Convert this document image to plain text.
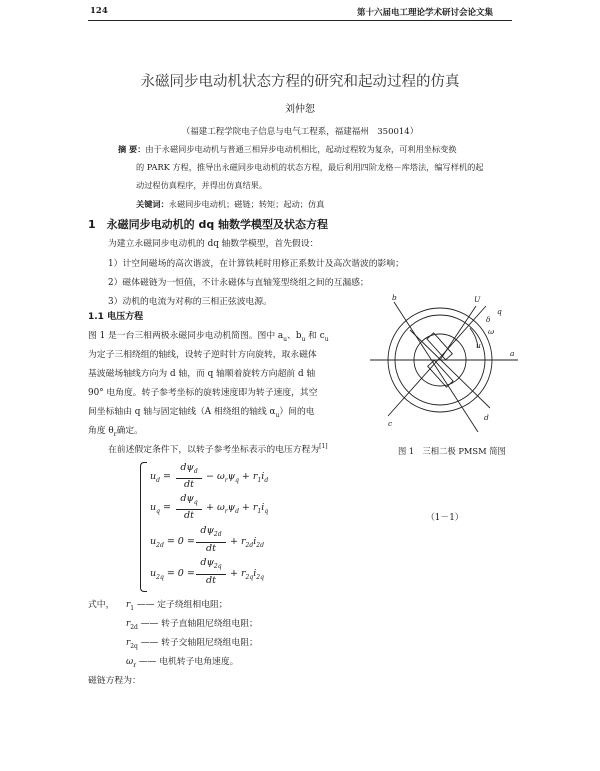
124	第十六届电工理论学术研讨会论文集
永磁同步电动机状态方程的研究和起动过程的仿真
刘仲恕
（福建工程学院电子信息与电气工程系，福建福州　350014）
摘 要：由于永磁同步电动机与普通三相异步电动机相比，起动过程较为复杂，可利用坐标变换
的 PARK 方程，推导出永磁同步电动机的状态方程，最后利用四阶龙格－库塔法，编写样机的起
动过程仿真程序，并得出仿真结果。
关键词：永磁同步电动机；磁链；转矩；起动；仿真
1　永磁同步电动机的 dq 轴数学模型及状态方程
为建立永磁同步电动机的 dq 轴数学模型，首先假设：
1）计空间磁场的高次谐波，在计算铁耗时用修正系数计及高次谐波的影响；
2）磁体磁链为一恒值，不计永磁体与直轴笼型绕组之间的互漏感；
3）动机的电流为对称的三相正弦波电源。
1.1 电压方程
图 1 是一台三相两极永磁同步电动机简图。图中 $a_u$、$b_u$ 和 $c_u$
为定子三相绕组的轴线，设转子逆时针方向旋转，取永磁体
基波磁场轴线方向为 d 轴，而 q 轴顺着旋转方向超前 d 轴
90° 电角度。转子参考坐标的旋转速度即为转子速度，其空
间坐标轴由 q 轴与固定轴线（A 相绕组的轴线 $\alpha_u$）间的电
角度 $\theta_r$确定。
在前述假定条件下，以转子参考坐标表示的电压方程为[1]
b
q
U
δ
ω
u
a
c
d
图 1　三相二极 PMSM 简图
$u_d$ =
$d\psi_d$
dt
− $\omega_r\psi_q + r_1i_d$
$u_q$ =
$d\psi_q$
dt
+ $\omega_r\psi_d + r_1i_q$
（1－1）
$u_{2d} = 0$ =
$d\psi_{2d}$
dt
+ $r_{2d}i_{2d}$
$u_{2q} = 0$ =
$d\psi_{2q}$
dt
+ $r_{2q}i_{2q}$
式中， $r_1$ —— 定子绕组相电阻；
$r_{2d}$ —— 转子直轴阻尼绕组电阻；
$r_{2q}$ —— 转子交轴阻尼绕组电阻；
$\omega_r$ —— 电机转子电角速度。
磁链方程为：
